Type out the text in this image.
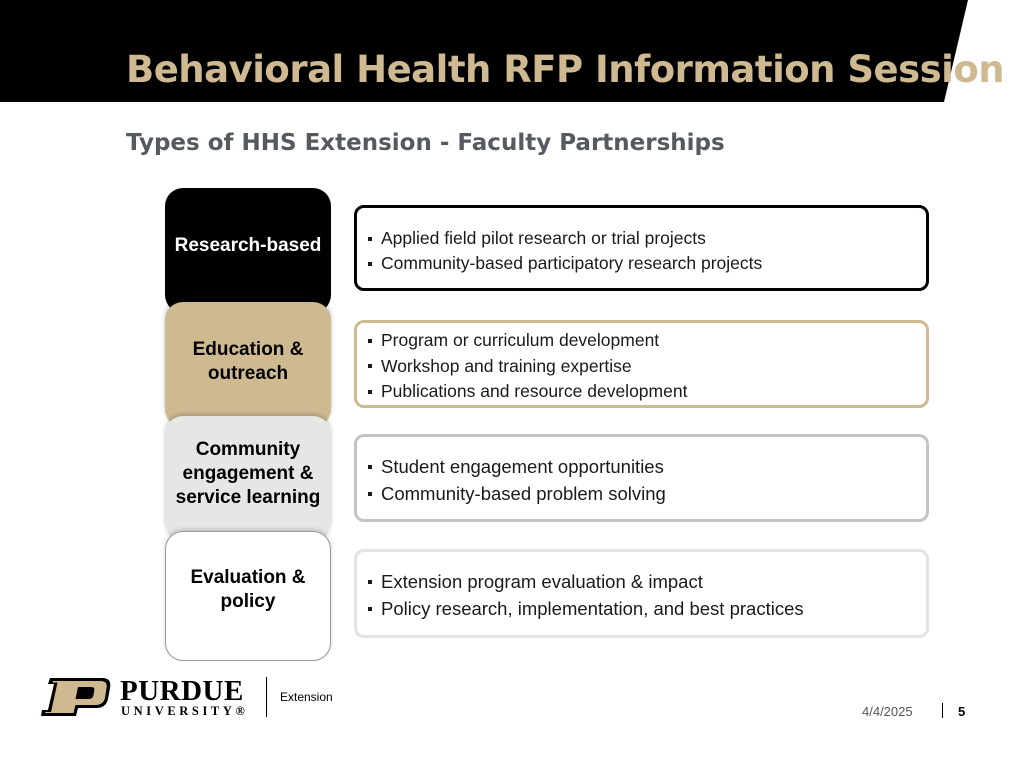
Behavioral Health RFP Information Session
Types of HHS Extension - Faculty Partnerships
Research-based
Education &
outreach
Community
engagement &
service learning
Evaluation &
policy
Applied field pilot research or trial projects
Community-based participatory research projects
Program or curriculum development
Workshop and training expertise
Publications and resource development
Student engagement opportunities
Community-based problem solving
Extension program evaluation & impact
Policy research, implementation, and best practices
PURDUE
UNIVERSITY®
Extension
4/4/2025	5
